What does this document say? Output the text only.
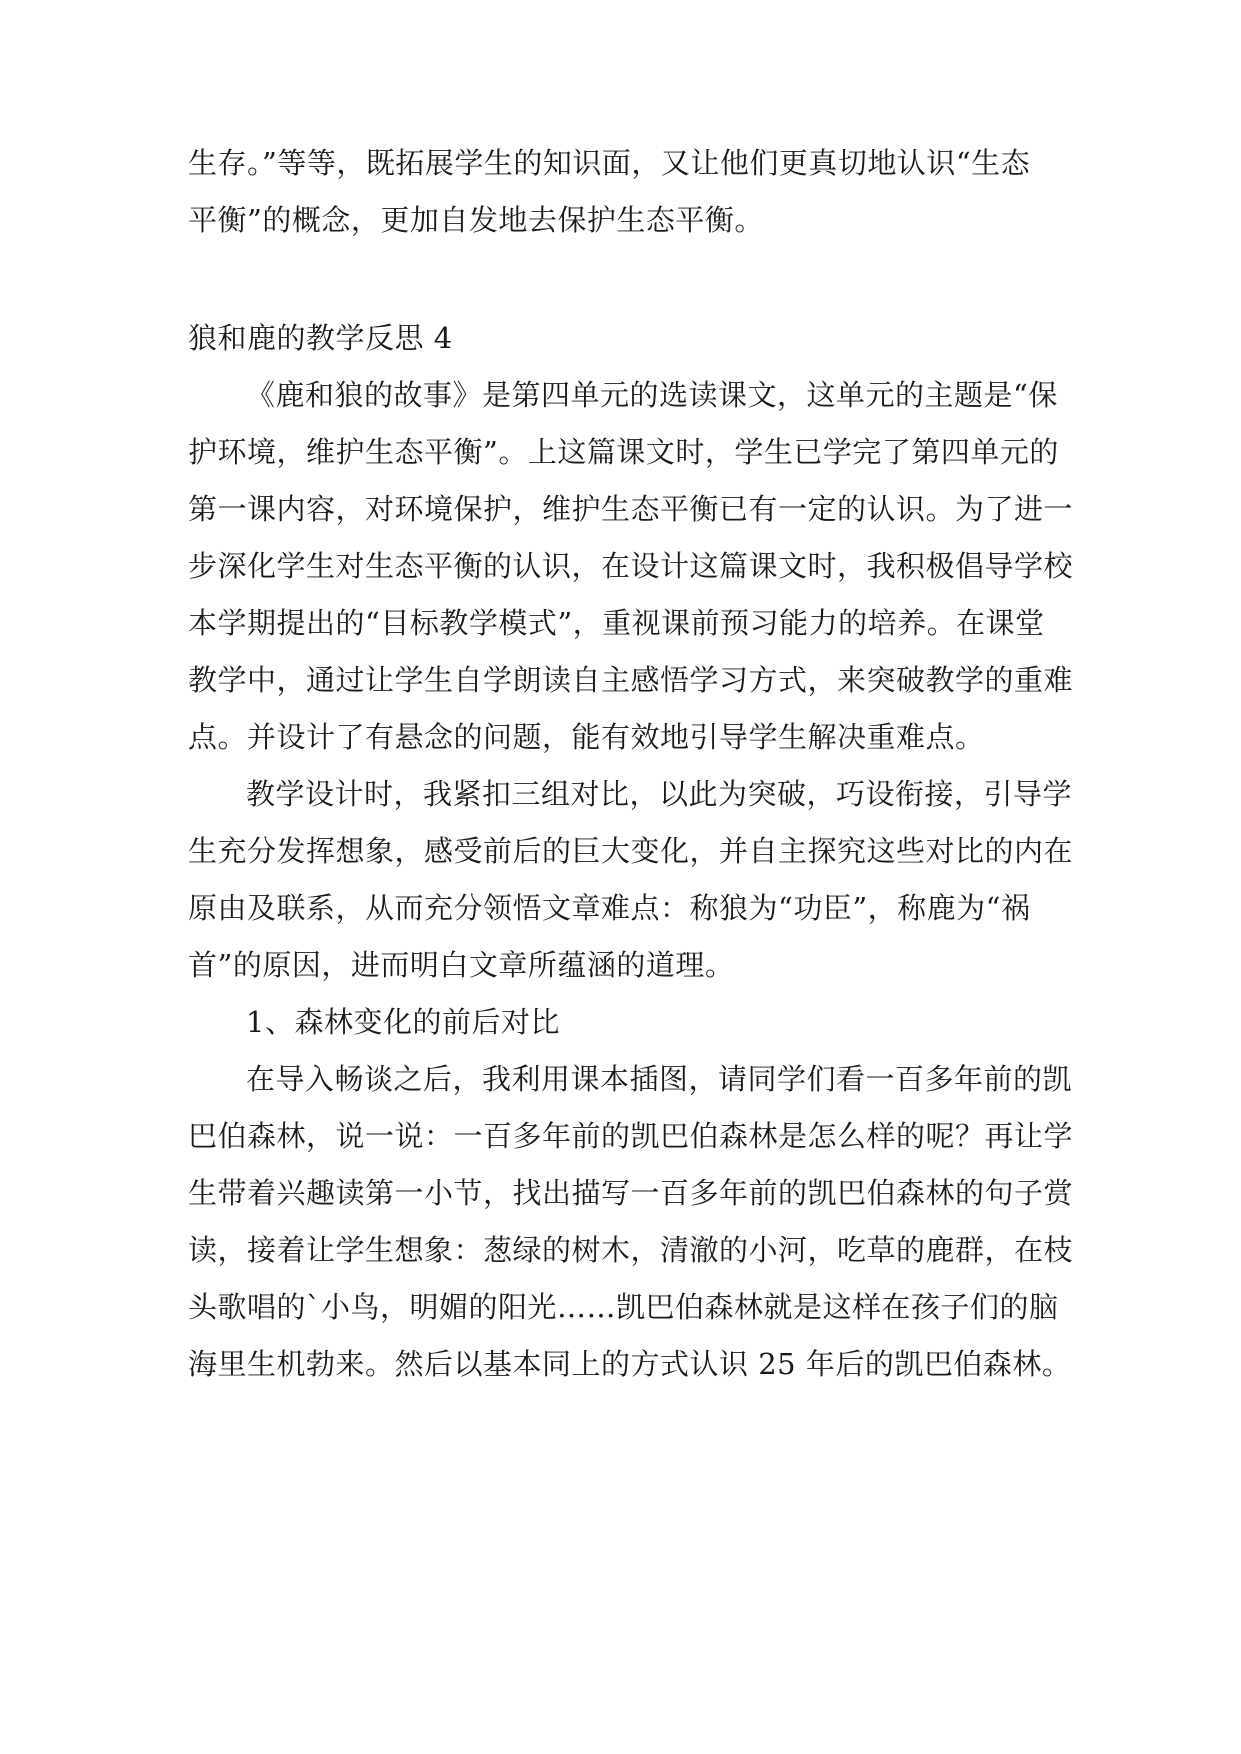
生存。”等等，既拓展学生的知识面，又让他们更真切地认识“生态
平衡”的概念，更加自发地去保护生态平衡。
狼和鹿的教学反思 4
《鹿和狼的故事》是第四单元的选读课文，这单元的主题是“保
护环境，维护生态平衡”。上这篇课文时，学生已学完了第四单元的
第一课内容，对环境保护，维护生态平衡已有一定的认识。为了进一
步深化学生对生态平衡的认识，在设计这篇课文时，我积极倡导学校
本学期提出的“目标教学模式”，重视课前预习能力的培养。在课堂
教学中，通过让学生自学朗读自主感悟学习方式，来突破教学的重难
点。并设计了有悬念的问题，能有效地引导学生解决重难点。
教学设计时，我紧扣三组对比，以此为突破，巧设衔接，引导学
生充分发挥想象，感受前后的巨大变化，并自主探究这些对比的内在
原由及联系，从而充分领悟文章难点：称狼为“功臣”，称鹿为“祸
首”的原因，进而明白文章所蕴涵的道理。
1、森林变化的前后对比
在导入畅谈之后，我利用课本插图，请同学们看一百多年前的凯
巴伯森林，说一说：一百多年前的凯巴伯森林是怎么样的呢？再让学
生带着兴趣读第一小节，找出描写一百多年前的凯巴伯森林的句子赏
读，接着让学生想象：葱绿的树木，清澈的小河，吃草的鹿群，在枝
头歌唱的`小鸟，明媚的阳光……凯巴伯森林就是这样在孩子们的脑
海里生机勃来。然后以基本同上的方式认识 25 年后的凯巴伯森林。
